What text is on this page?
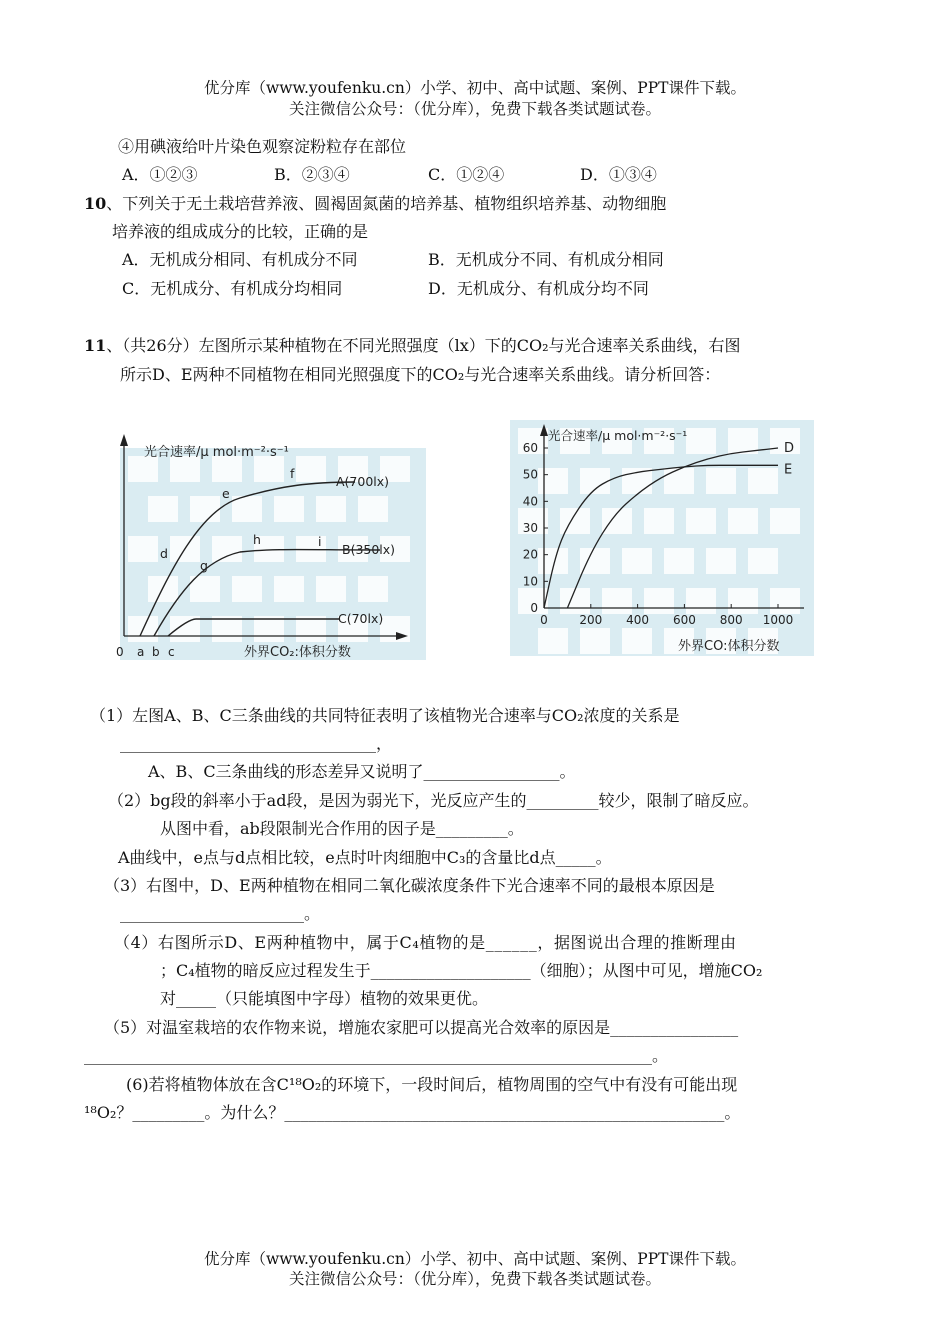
优分库（www.youfenku.cn）小学、初中、高中试题、案例、PPT课件下载。
关注微信公众号：（优分库），免费下载各类试题试卷。
④用碘液给叶片染色观察淀粉粒存在部位
A．①②③	B．②③④	C．①②④	D．①③④
10、下列关于无土栽培营养液、圆褐固氮菌的培养基、植物组织培养基、动物细胞
培养液的组成成分的比较，正确的是
A．无机成分相同、有机成分不同	B．无机成分不同、有机成分相同
C．无机成分、有机成分均相同	D．无机成分、有机成分均不同
11、（共26分）左图所示某种植物在不同光照强度（lx）下的CO₂与光合速率关系曲线，右图
所示D、E两种不同植物在相同光照强度下的CO₂与光合速率关系曲线。请分析回答：
光合速率/μ mol·m⁻²·s⁻¹
外界CO₂:体积分数
0 a b c
A(700lx)
B(350lx)
C(70lx)
d
e
f
g
h	i
0
10
20
30
40
50
60
0	200 400 600 800 1000
D
E
光合速率/μ mol·m⁻²·s⁻¹
外界CO:体积分数
（1）左图A、B、C三条曲线的共同特征表明了该植物光合速率与CO₂浓度的关系是
________________________________，
A、B、C三条曲线的形态差异又说明了_________________。
（2）bg段的斜率小于ad段，是因为弱光下，光反应产生的_________较少，限制了暗反应。
从图中看，ab段限制光合作用的因子是_________。
A曲线中，e点与d点相比较，e点时叶肉细胞中C₃的含量比d点_____。
（3）右图中，D、E两种植物在相同二氧化碳浓度条件下光合速率不同的最根本原因是
_______________________。
（4）右图所示D、E两种植物中，属于C₄植物的是______，据图说出合理的推断理由
；C₄植物的暗反应过程发生于____________________（细胞）；从图中可见，增施CO₂
对_____（只能填图中字母）植物的效果更优。
（5）对温室栽培的农作物来说，增施农家肥可以提高光合效率的原因是________________
_______________________________________________________________________。
(6)若将植物体放在含C¹⁸O₂的环境下，一段时间后，植物周围的空气中有没有可能出现
¹⁸O₂？_________。为什么？_______________________________________________________。
优分库（www.youfenku.cn）小学、初中、高中试题、案例、PPT课件下载。
关注微信公众号：（优分库），免费下载各类试题试卷。
